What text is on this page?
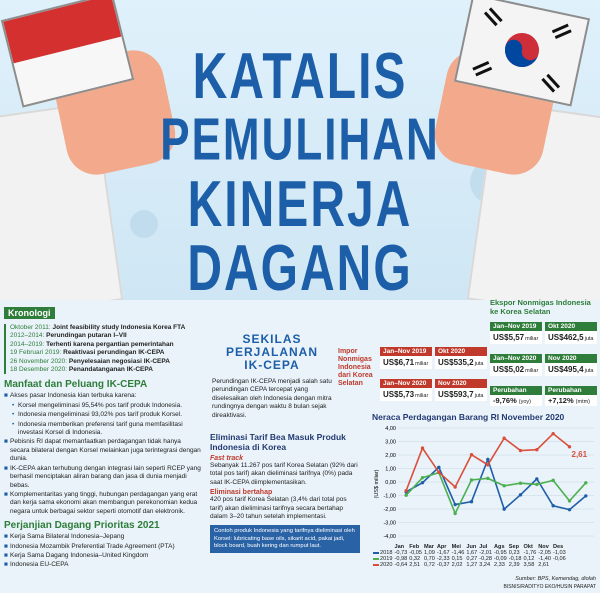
KATALIS
PEMULIHAN
KINERJA
DAGANG
Kronologi
Oktober 2011: Joint feasibility study Indonesia Korea FTA
2012–2014: Perundingan putaran I–VII
2014–2019: Terhenti karena pergantian pemerintahan
19 Februari 2019: Reaktivasi perundingan IK-CEPA
26 November 2020: Penyelesaian negosiasi IK-CEPA
18 Desember 2020: Penandatanganan IK-CEPA
Manfaat dan Peluang IK-CEPA
■ Akses pasar Indonesia kian terbuka karena:
• Korsel mengeliminasi 95,54% pos tarif produk Indonesia.
• Indonesia mengeliminasi 93,02% pos tarif produk Korsel.
• Indonesia memberikan preferensi tarif guna memfasilitasi investasi Korsel di Indonesia.
■ Pebisnis RI dapat memanfaatkan perdagangan tidak hanya secara bilateral dengan Korsel melainkan juga terintegrasi dengan dunia.
■ IK-CEPA akan terhubung dengan integrasi lain seperti RCEP yang berhasil menciptakan aliran barang dan jasa di dunia menjadi bebas.
■ Komplementaritas yang tinggi, hubungan perdagangan yang erat dan kerja sama ekonomi akan membangun perekonomian kedua negara untuk berbagai sektor seperti otomotif dan elektronik.
Perjanjian Dagang Prioritas 2021
■ Kerja Sama Bilateral Indonesia–Jepang
■ Indonesia Mozambik Preferential Trade Agreement (PTA)
■ Kerja Sama Dagang Indonesia–United Kingdom
■ Indonesia EU-CEPA
SEKILAS
PERJALANAN
IK-CEPA
Perundingan IK-CEPA menjadi salah satu perundingan CEPA tercepat yang diselesaikan oleh Indonesia dengan mitra rundingnya dengan waktu 8 bulan sejak direaktivasi.
Impor Nonmigas Indonesia dari Korea Selatan
Jan–Nov 2019
US$6,71miliar
Okt 2020
US$535,2juta
Jan–Nov 2020
US$5,73miliar
Nov 2020
US$593,7juta
Ekspor Nonmigas Indonesia ke Korea Selatan
Jan–Nov 2019
US$5,57miliar
Okt 2020
US$462,5juta
Jan–Nov 2020
US$5,02miliar
Nov 2020
US$495,4juta
Perubahan
-9,76% (yoy)
Perubahan
+7,12% (mtm)
Eliminasi Tarif Bea Masuk Produk Indonesia di Korea
Fast track
Sebanyak 11.267 pos tarif Korea Selatan (92% dari total pos tarif) akan dieliminasi tarifnya (0%) pada saat IK-CEPA diimplementasikan.
Eliminasi bertahap
420 pos tarif Korea Selatan (3,4% dari total pos tarif) akan dieliminasi tarifnya secara bertahap dalam 3–20 tahun setelah implementasi.
Contoh produk Indonesia yang tarifnya dieliminasi oleh Korsel: lubricating base oils, sikarit acid, pakai jadi, block board, buah kering dan rumput laut.
Neraca Perdagangan Barang RI November 2020
4,00
3,00
2,00
1,00
0,00
-1,00
-2,00
-3,00
-4,00
(US$ miliar)
2,61
	Jan	Feb	Mar	Apr	Mei	Jun	Jul	Ags	Sep	Okt	Nov	Des
2018	-0,73	-0,05	1,09	-1,67	-1,46	1,67	-2,01	-0,95	0,23	-1,76	-2,05	-1,03
2019	-0,98	0,32	0,70	-2,33	0,15	0,27	-0,28	-0,09	-0,18	0,12	-1,40	-0,06
2020	-0,64	2,51	0,72	-0,37	2,02	1,27	3,24	2,33	2,39	3,58	2,61	
Sumber: BPS, Kemendag, diolah
BISNIS/RADITYO EKO/HUSIN PARAPAT
